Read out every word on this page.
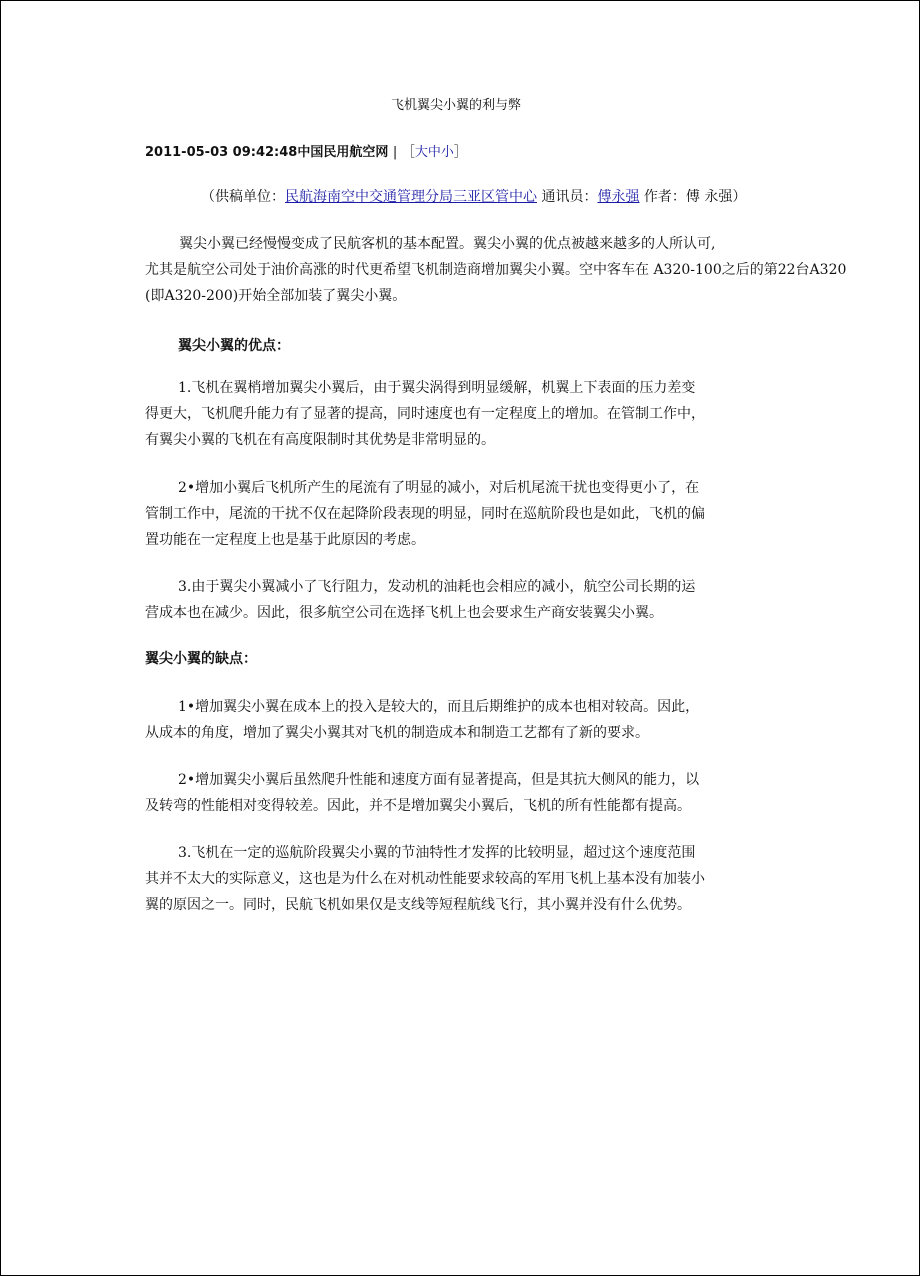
飞机翼尖小翼的利与弊
2011-05-03 09:42:48中国民用航空网 | ［大中小］
（供稿单位：民航海南空中交通管理分局三亚区管中心 通讯员：傅永强 作者：傅 永强）
翼尖小翼已经慢慢变成了民航客机的基本配置。翼尖小翼的优点被越来越多的人所认可,
尤其是航空公司处于油价高涨的时代更希望飞机制造商增加翼尖小翼。空中客车在 A320-100之后的第22台A320
(即A320-200)开始全部加装了翼尖小翼。
翼尖小翼的优点：
1.飞机在翼梢增加翼尖小翼后，由于翼尖涡得到明显缓解，机翼上下表面的压力差变
得更大，飞机爬升能力有了显著的提高，同时速度也有一定程度上的增加。在管制工作中，
有翼尖小翼的飞机在有高度限制时其优势是非常明显的。
2•增加小翼后飞机所产生的尾流有了明显的减小，对后机尾流干扰也变得更小了，在
管制工作中，尾流的干扰不仅在起降阶段表现的明显，同时在巡航阶段也是如此，飞机的偏
置功能在一定程度上也是基于此原因的考虑。
3.由于翼尖小翼减小了飞行阻力，发动机的油耗也会相应的减小，航空公司长期的运
营成本也在减少。因此，很多航空公司在选择飞机上也会要求生产商安装翼尖小翼。
翼尖小翼的缺点：
1•增加翼尖小翼在成本上的投入是较大的，而且后期维护的成本也相对较高。因此，
从成本的角度，增加了翼尖小翼其对飞机的制造成本和制造工艺都有了新的要求。
2•增加翼尖小翼后虽然爬升性能和速度方面有显著提高，但是其抗大侧风的能力，以
及转弯的性能相对变得较差。因此，并不是增加翼尖小翼后，飞机的所有性能都有提高。
3.飞机在一定的巡航阶段翼尖小翼的节油特性才发挥的比较明显，超过这个速度范围
其并不太大的实际意义，这也是为什么在对机动性能要求较高的军用飞机上基本没有加装小
翼的原因之一。同时，民航飞机如果仅是支线等短程航线飞行，其小翼并没有什么优势。
